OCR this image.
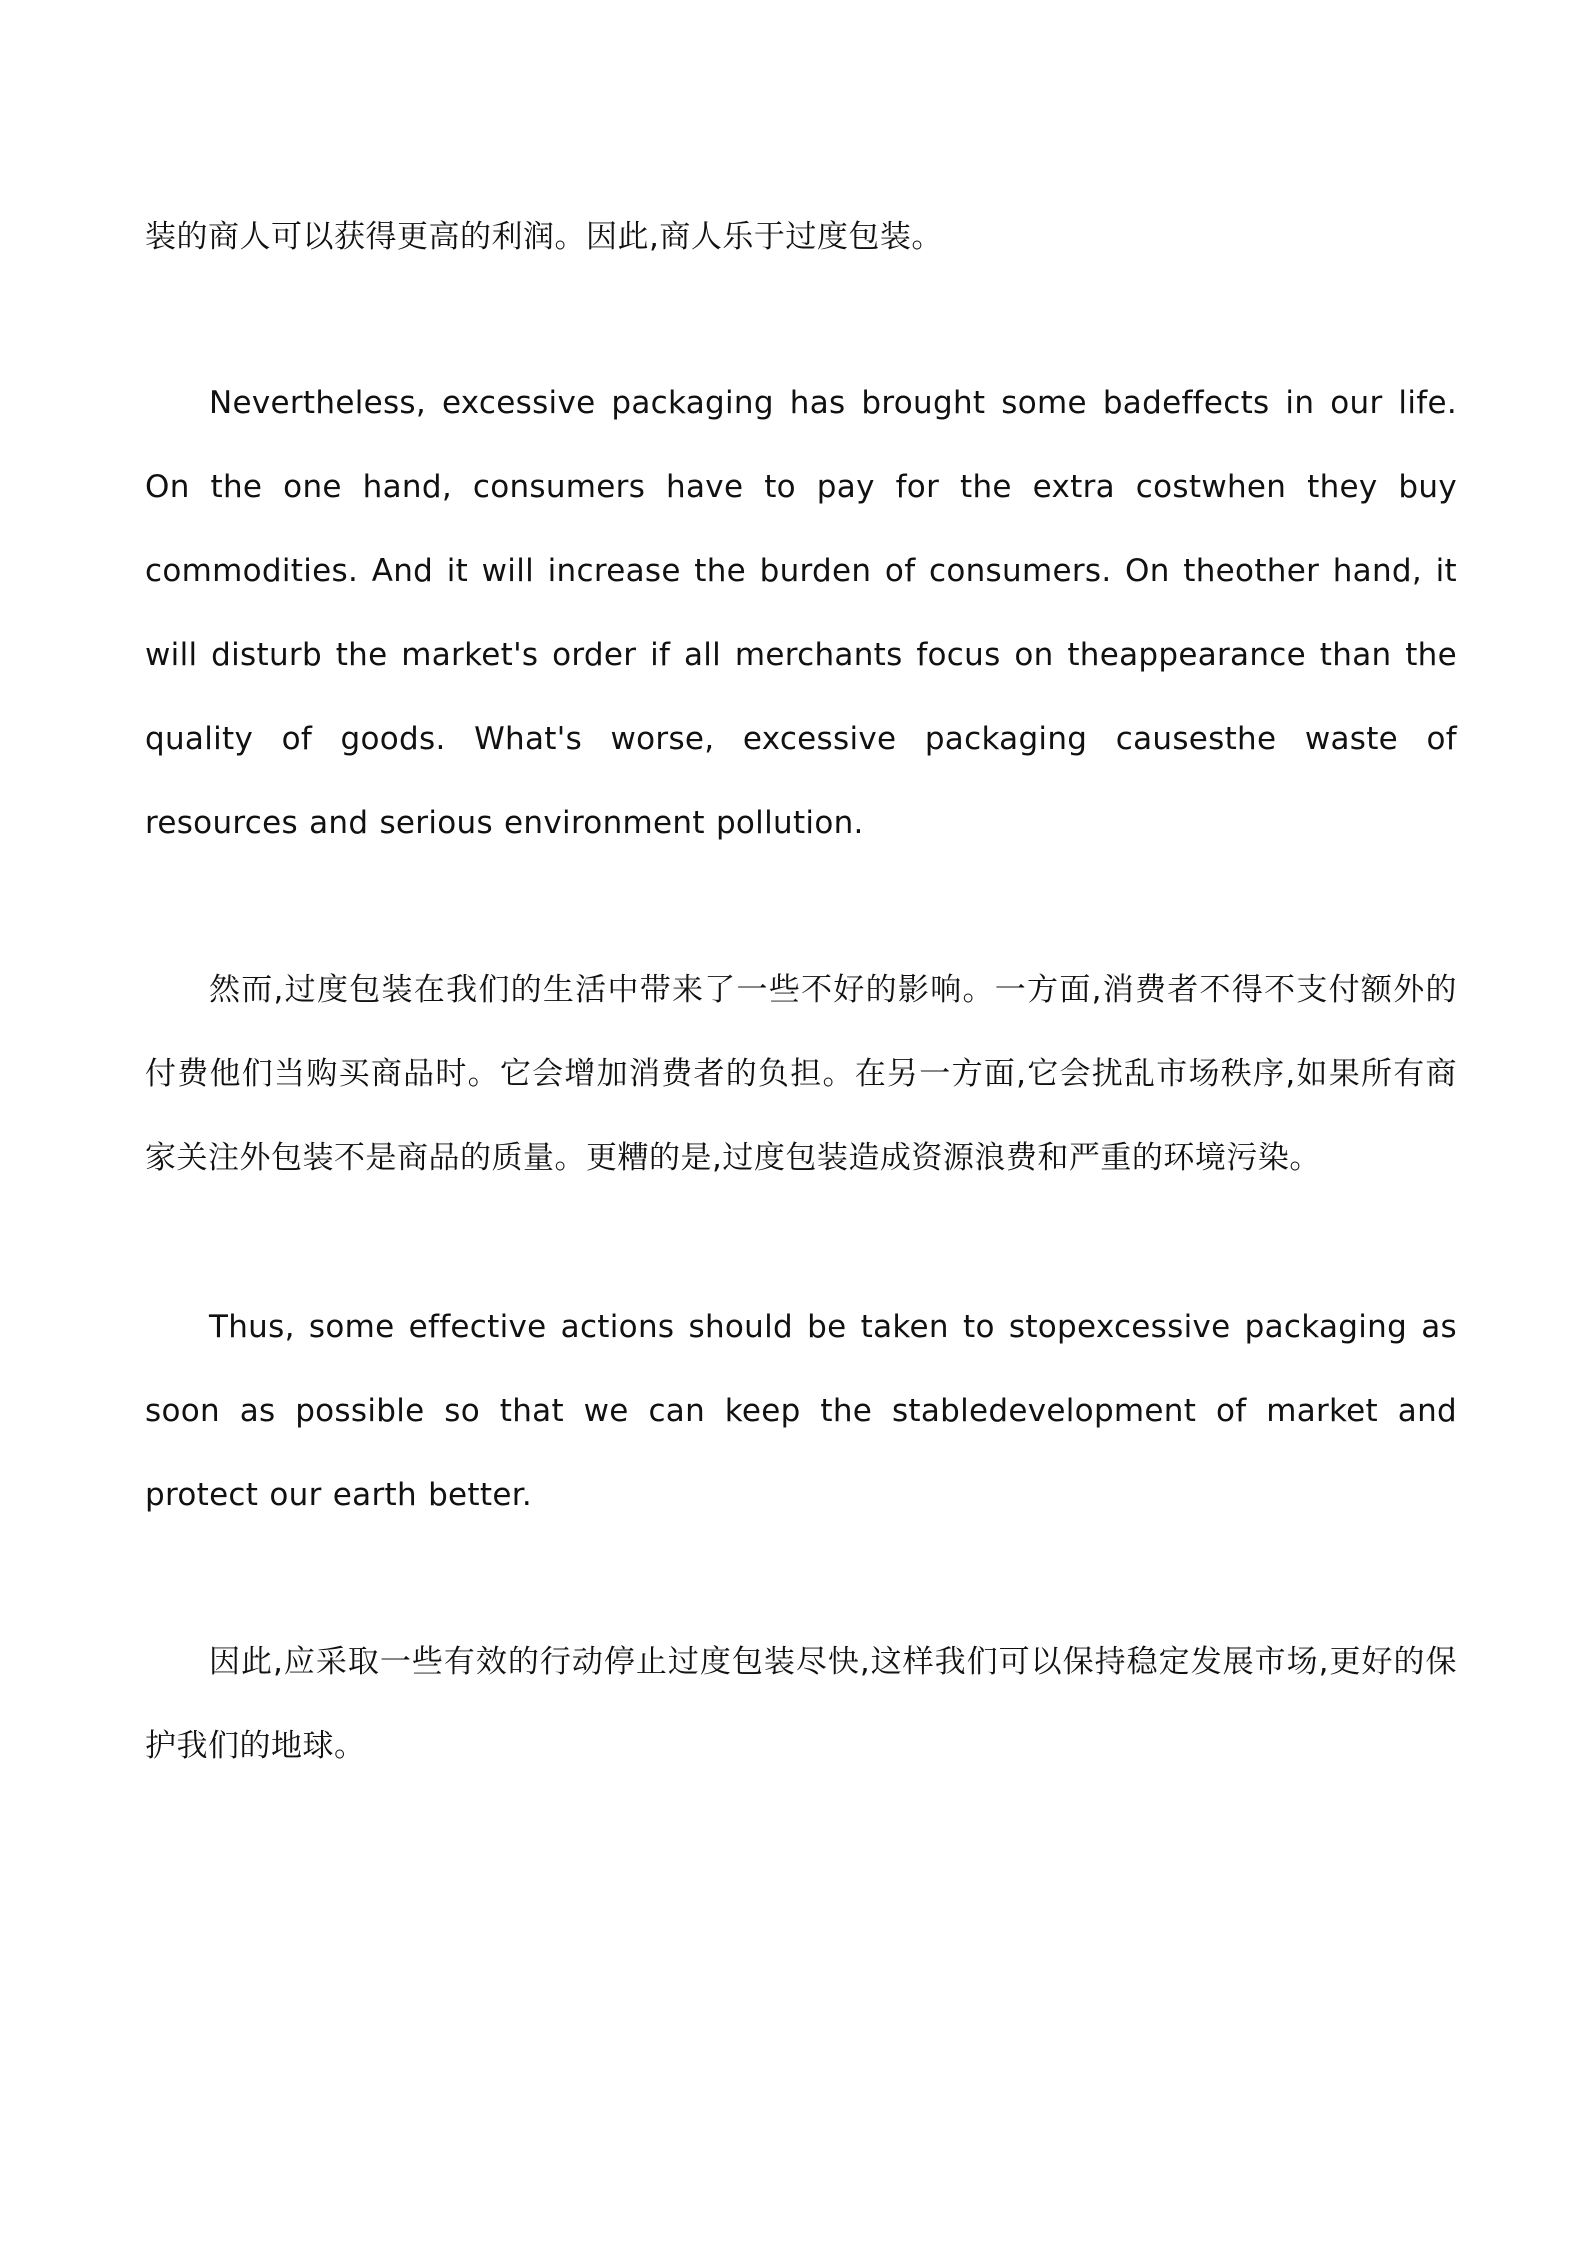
装的商人可以获得更高的利润。因此,商人乐于过度包装。

Nevertheless, excessive packaging has brought some badeffects in our life. On the one hand, consumers have to pay for the extra costwhen they buy commodities. And it will increase the burden of consumers. On theother hand, it will disturb the market's order if all merchants focus on theappearance than the quality of goods. What's worse, excessive packaging causesthe waste of resources and serious environment pollution.

然而,过度包装在我们的生活中带来了一些不好的影响。一方面,消费者不得不支付额外的付费他们当购买商品时。它会增加消费者的负担。在另一方面,它会扰乱市场秩序,如果所有商家关注外包装不是商品的质量。更糟的是,过度包装造成资源浪费和严重的环境污染。

Thus, some effective actions should be taken to stopexcessive packaging as soon as possible so that we can keep the stabledevelopment of market and protect our earth better.

因此,应采取一些有效的行动停止过度包装尽快,这样我们可以保持稳定发展市场,更好的保护我们的地球。
